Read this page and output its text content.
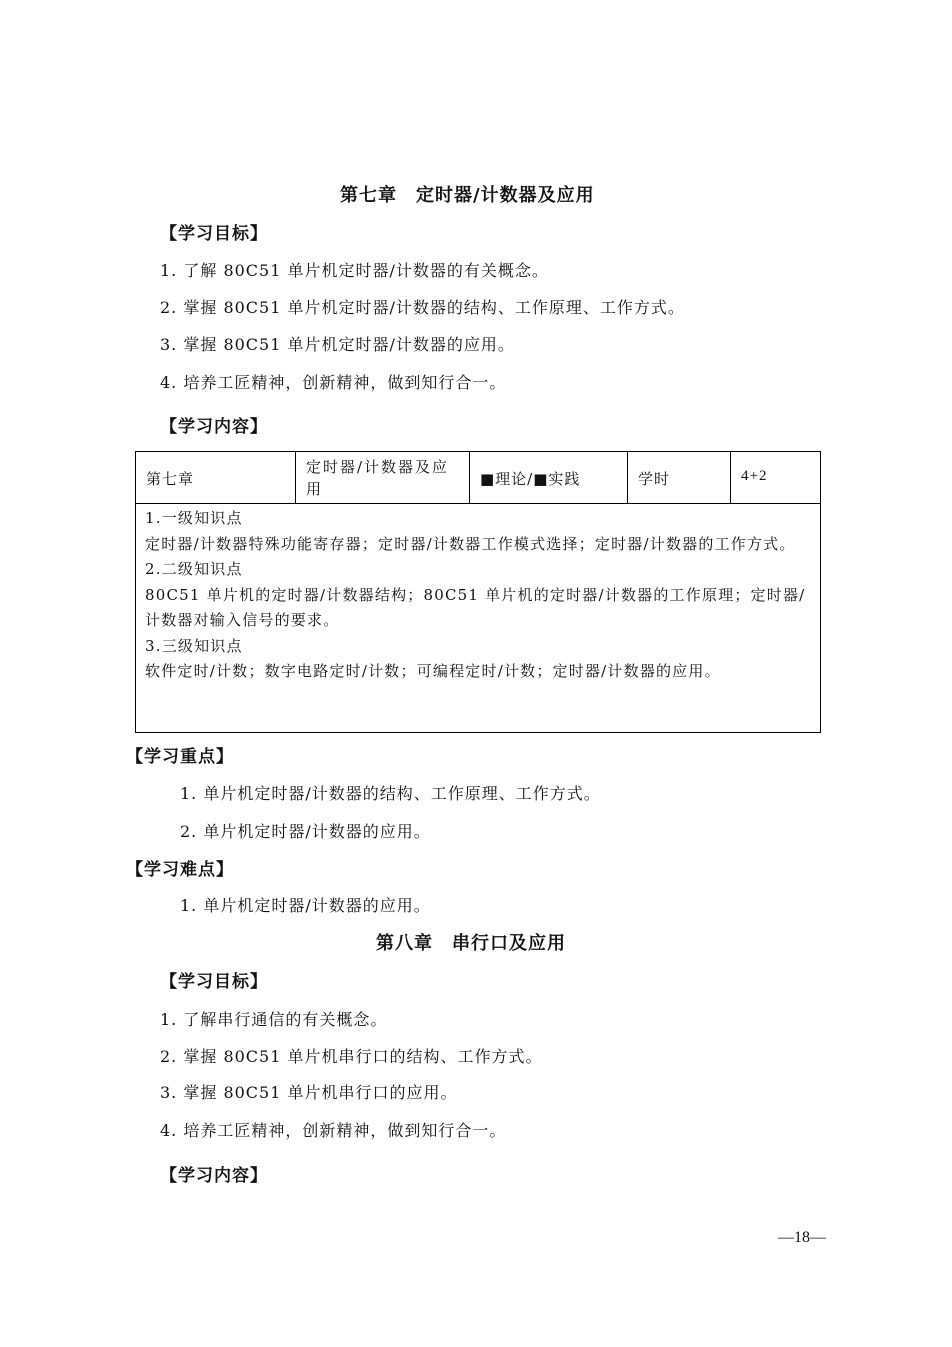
第七章　定时器/计数器及应用
【学习目标】
1. 了解 80C51 单片机定时器/计数器的有关概念。
2. 掌握 80C51 单片机定时器/计数器的结构、工作原理、工作方式。
3. 掌握 80C51 单片机定时器/计数器的应用。
4. 培养工匠精神，创新精神，做到知行合一。
【学习内容】
第七章
定时器/计数器及应用
■理论/■实践	学时	4+2
1.一级知识点
定时器/计数器特殊功能寄存器；定时器/计数器工作模式选择；定时器/计数器的工作方式。
2.二级知识点
80C51 单片机的定时器/计数器结构；80C51 单片机的定时器/计数器的工作原理；定时器/计数器对输入信号的要求。
3.三级知识点
软件定时/计数；数字电路定时/计数；可编程定时/计数；定时器/计数器的应用。
【学习重点】
1. 单片机定时器/计数器的结构、工作原理、工作方式。
2. 单片机定时器/计数器的应用。
【学习难点】
1. 单片机定时器/计数器的应用。
第八章　串行口及应用
【学习目标】
1. 了解串行通信的有关概念。
2. 掌握 80C51 单片机串行口的结构、工作方式。
3. 掌握 80C51 单片机串行口的应用。
4. 培养工匠精神，创新精神，做到知行合一。
【学习内容】
—18—
